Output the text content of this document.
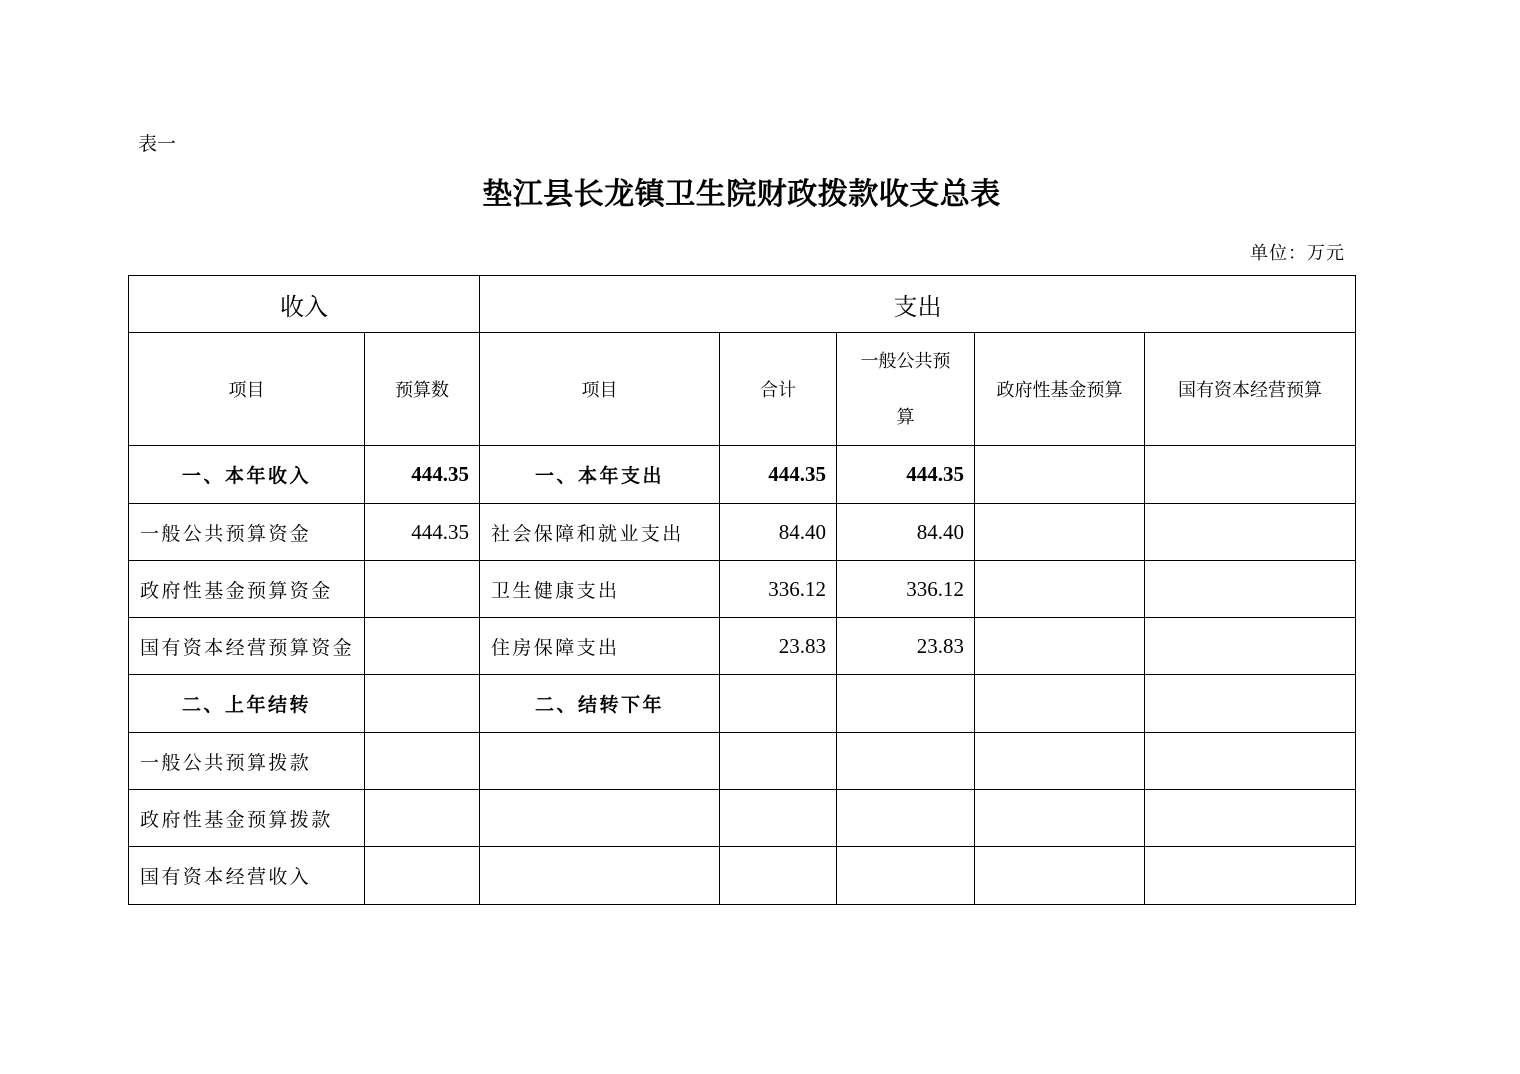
表一
垫江县长龙镇卫生院财政拨款收支总表
单位：万元
收入		支出				
项目	预算数	项目	合计	一般公共预算	政府性基金预算	国有资本经营预算
一、本年收入	444.35	一、本年支出	444.35	444.35		
一般公共预算资金	444.35	社会保障和就业支出	84.40	84.40		
政府性基金预算资金		卫生健康支出	336.12	336.12		
国有资本经营预算资金		住房保障支出	23.83	23.83		
二、上年结转		二、结转下年				
一般公共预算拨款						
政府性基金预算拨款						
国有资本经营收入						
